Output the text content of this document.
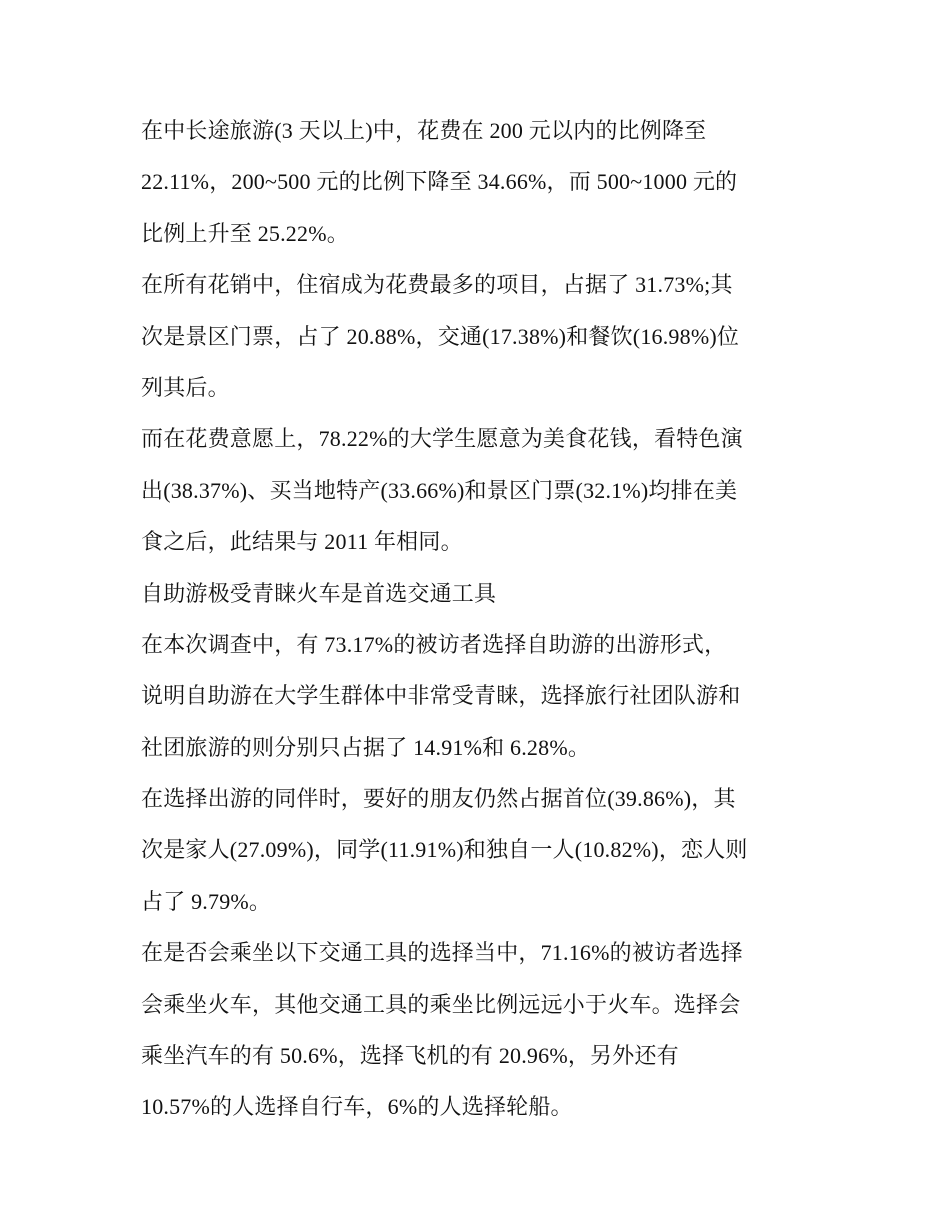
在中长途旅游(3 天以上)中，花费在 200 元以内的比例降至
22.11%，200~500 元的比例下降至 34.66%，而 500~1000 元的
比例上升至 25.22%。
在所有花销中，住宿成为花费最多的项目，占据了 31.73%;其
次是景区门票，占了 20.88%，交通(17.38%)和餐饮(16.98%)位
列其后。
而在花费意愿上，78.22%的大学生愿意为美食花钱，看特色演
出(38.37%)、买当地特产(33.66%)和景区门票(32.1%)均排在美
食之后，此结果与 2011 年相同。
自助游极受青睐火车是首选交通工具
在本次调查中，有 73.17%的被访者选择自助游的出游形式，
说明自助游在大学生群体中非常受青睐，选择旅行社团队游和
社团旅游的则分别只占据了 14.91%和 6.28%。
在选择出游的同伴时，要好的朋友仍然占据首位(39.86%)，其
次是家人(27.09%)，同学(11.91%)和独自一人(10.82%)，恋人则
占了 9.79%。
在是否会乘坐以下交通工具的选择当中，71.16%的被访者选择
会乘坐火车，其他交通工具的乘坐比例远远小于火车。选择会
乘坐汽车的有 50.6%，选择飞机的有 20.96%，另外还有
10.57%的人选择自行车，6%的人选择轮船。
